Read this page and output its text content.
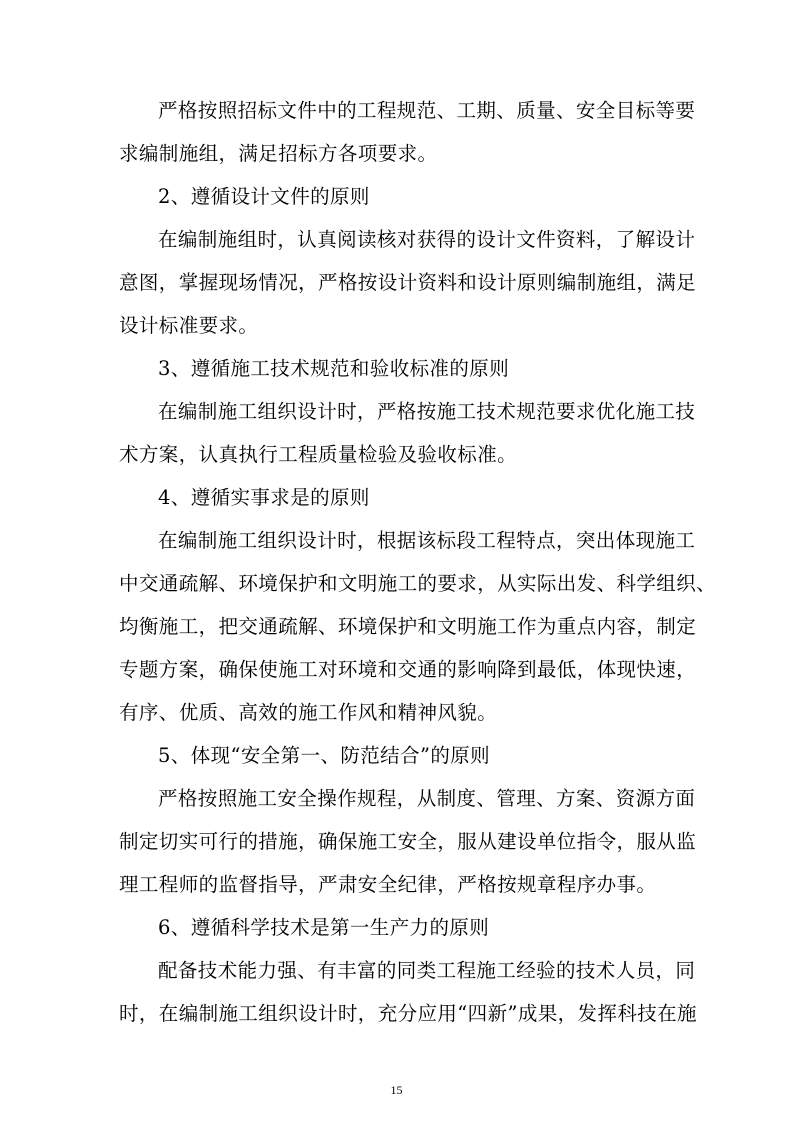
严格按照招标文件中的工程规范、工期、质量、安全目标等要
求编制施组，满足招标方各项要求。
2、遵循设计文件的原则
在编制施组时，认真阅读核对获得的设计文件资料，了解设计
意图，掌握现场情况，严格按设计资料和设计原则编制施组，满足
设计标准要求。
3、遵循施工技术规范和验收标准的原则
在编制施工组织设计时，严格按施工技术规范要求优化施工技
术方案，认真执行工程质量检验及验收标准。
4、遵循实事求是的原则
在编制施工组织设计时，根据该标段工程特点，突出体现施工
中交通疏解、环境保护和文明施工的要求，从实际出发、科学组织、
均衡施工，把交通疏解、环境保护和文明施工作为重点内容，制定
专题方案，确保使施工对环境和交通的影响降到最低，体现快速，
有序、优质、高效的施工作风和精神风貌。
5、体现“安全第一、防范结合”的原则
严格按照施工安全操作规程，从制度、管理、方案、资源方面
制定切实可行的措施，确保施工安全，服从建设单位指令，服从监
理工程师的监督指导，严肃安全纪律，严格按规章程序办事。
6、遵循科学技术是第一生产力的原则
配备技术能力强、有丰富的同类工程施工经验的技术人员，同
时，在编制施工组织设计时，充分应用“四新”成果，发挥科技在施
15
